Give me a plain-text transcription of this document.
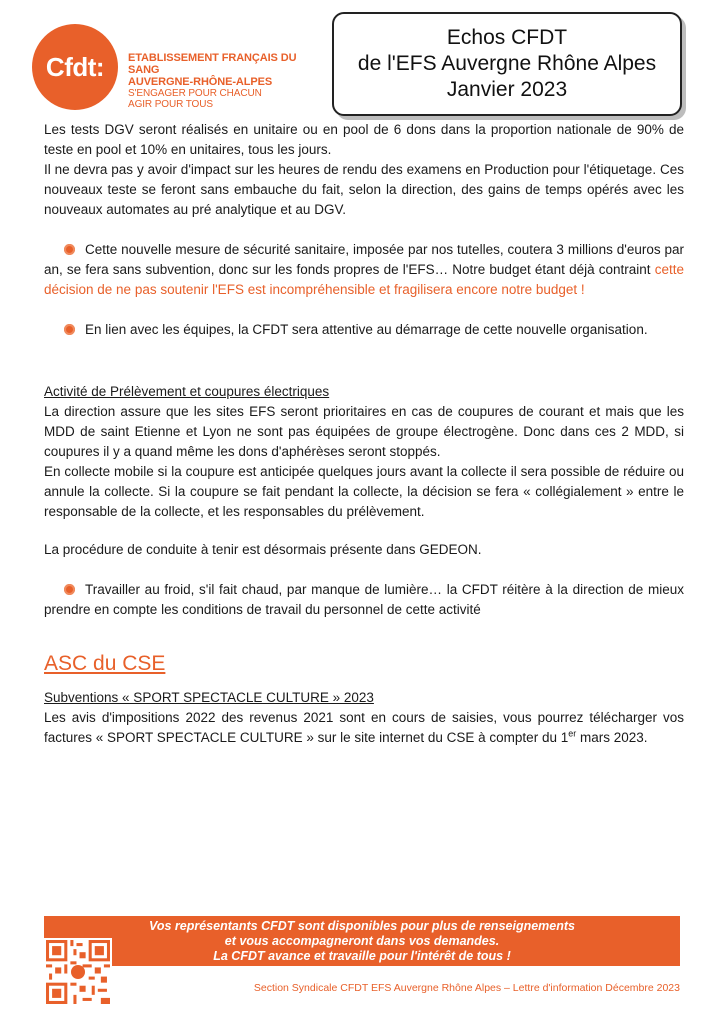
Cfdt:	ETABLISSEMENT FRANÇAIS DU SANG
AUVERGNE-RHÔNE-ALPES
S'ENGAGER POUR CHACUN
AGIR POUR TOUS
Echos CFDT
de l'EFS Auvergne Rhône Alpes
Janvier 2023

Les tests DGV seront réalisés en unitaire ou en pool de 6 dons dans la proportion nationale de 90% de teste en pool et 10% en unitaires, tous les jours.

Il ne devra pas y avoir d'impact sur les heures de rendu des examens en Production pour l'étiquetage. Ces nouveaux teste se feront sans embauche du fait, selon la direction, des gains de temps opérés avec les nouveaux automates au pré analytique et au DGV.

Cette nouvelle mesure de sécurité sanitaire, imposée par nos tutelles, coutera 3 millions d'euros par an, se fera sans subvention, donc sur les fonds propres de l'EFS… Notre budget étant déjà contraint cette décision de ne pas soutenir l'EFS est incompréhensible et fragilisera encore notre budget !

En lien avec les équipes, la CFDT sera attentive au démarrage de cette nouvelle organisation.

Activité de Prélèvement et coupures électriques

La direction assure que les sites EFS seront prioritaires en cas de coupures de courant et mais que les MDD de saint Etienne et Lyon ne sont pas équipées de groupe électrogène. Donc dans ces 2 MDD, si coupures il y a quand même les dons d'aphérèses seront stoppés.

En collecte mobile si la coupure est anticipée quelques jours avant la collecte il sera possible de réduire ou annule la collecte. Si la coupure se fait pendant la collecte, la décision se fera « collégialement » entre le responsable de la collecte, et les responsables du prélèvement.

La procédure de conduite à tenir est désormais présente dans GEDEON.

Travailler au froid, s'il fait chaud, par manque de lumière… la CFDT réitère à la direction de mieux prendre en compte les conditions de travail du personnel de cette activité

ASC du CSE

Subventions « SPORT SPECTACLE CULTURE » 2023

Les avis d'impositions 2022 des revenus 2021 sont en cours de saisies, vous pourrez télécharger vos factures « SPORT SPECTACLE CULTURE » sur le site internet du CSE à compter du 1er mars 2023.

Vos représentants CFDT sont disponibles pour plus de renseignements
et vous accompagneront dans vos demandes.
La CFDT avance et travaille pour l'intérêt de tous !
Section Syndicale CFDT EFS Auvergne Rhône Alpes – Lettre d'information Décembre 2023
